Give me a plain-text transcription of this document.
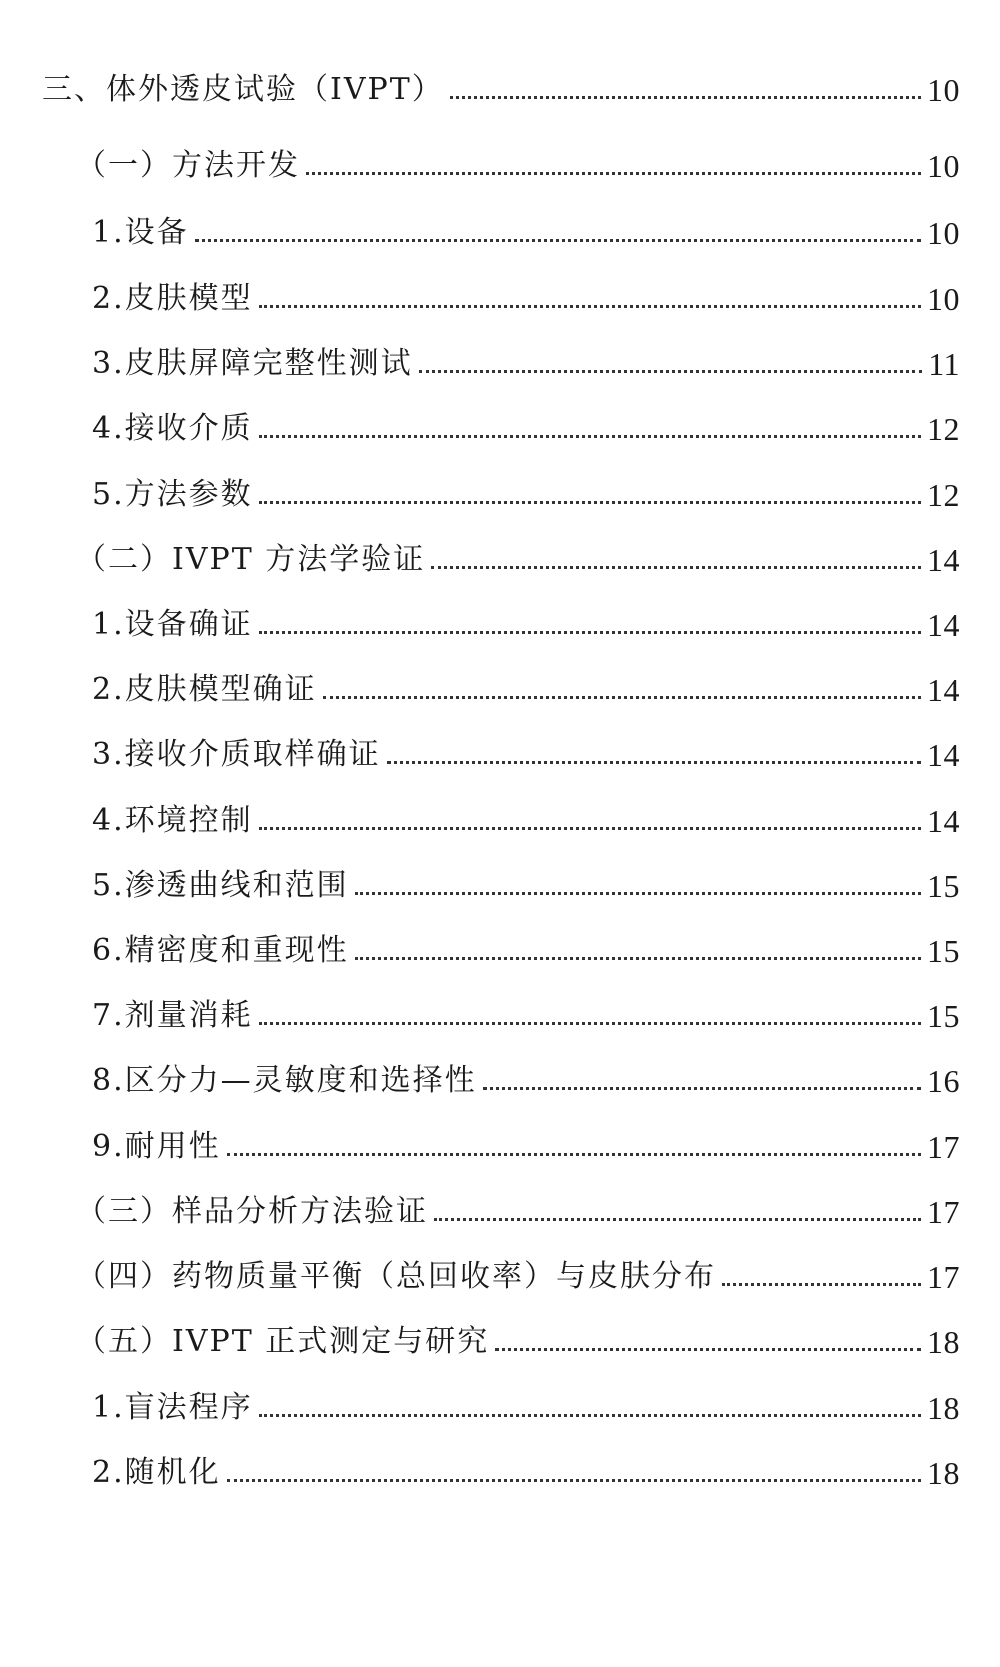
三、体外透皮试验（IVPT）	10
（一）方法开发	10
1.设备	10
2.皮肤模型	10
3.皮肤屏障完整性测试	11
4.接收介质	12
5.方法参数	12
（二）IVPT 方法学验证	14
1.设备确证	14
2.皮肤模型确证	14
3.接收介质取样确证	14
4.环境控制	14
5.渗透曲线和范围	15
6.精密度和重现性	15
7.剂量消耗	15
8.区分力—灵敏度和选择性	16
9.耐用性	17
（三）样品分析方法验证	17
（四）药物质量平衡（总回收率）与皮肤分布	17
（五）IVPT 正式测定与研究	18
1.盲法程序	18
2.随机化	18
